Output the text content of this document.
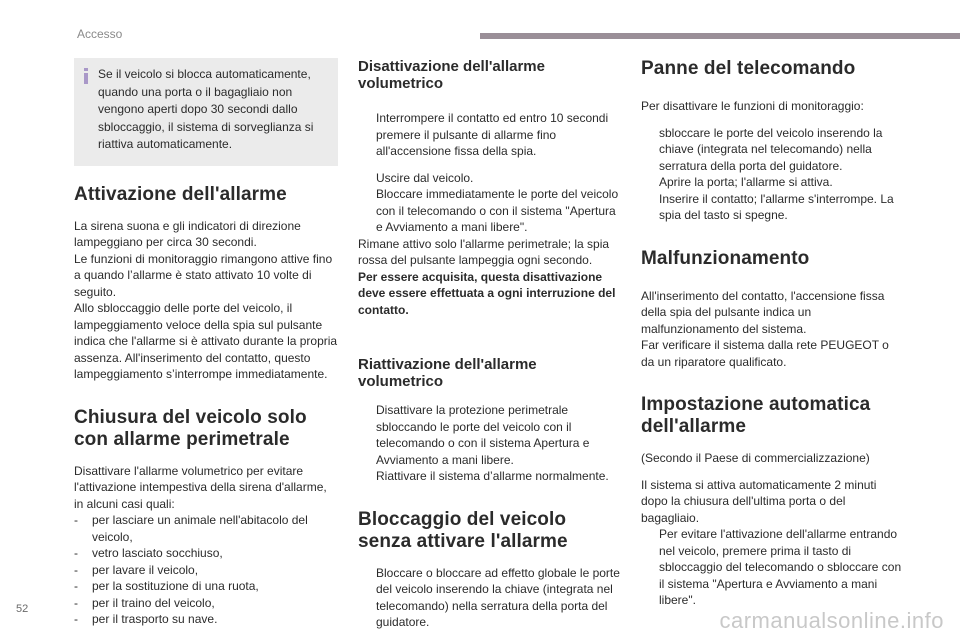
Accesso
Se il veicolo si blocca automaticamente, quando una porta o il bagagliaio non vengono aperti dopo 30 secondi dallo sbloccaggio, il sistema di sorveglianza si riattiva automaticamente.
Attivazione dell'allarme

La sirena suona e gli indicatori di direzione lampeggiano per circa 30 secondi.

Le funzioni di monitoraggio rimangono attive fino a quando l’allarme è stato attivato 10 volte di seguito.

Allo sbloccaggio delle porte del veicolo, il lampeggiamento veloce della spia sul pulsante indica che l'allarme si è attivato durante la propria assenza. All'inserimento del contatto, questo lampeggiamento s’interrompe immediatamente.

Chiusura del veicolo solo con allarme perimetrale

Disattivare l'allarme volumetrico per evitare l'attivazione intempestiva della sirena d'allarme, in alcuni casi quali:

- per lasciare un animale nell'abitacolo del veicolo,
- vetro lasciato socchiuso,
- per lavare il veicolo,
- per la sostituzione di una ruota,
- per il traino del veicolo,
- per il trasporto su nave.
Disattivazione dell'allarme volumetrico
Interrompere il contatto ed entro 10 secondi premere il pulsante di allarme fino all'accensione fissa della spia.
Uscire dal veicolo.
Bloccare immediatamente le porte del veicolo con il telecomando o con il sistema "Apertura e Avviamento a mani libere".

Rimane attivo solo l'allarme perimetrale; la spia rossa del pulsante lampeggia ogni secondo.

Per essere acquisita, questa disattivazione deve essere effettuata a ogni interruzione del contatto.

Riattivazione dell'allarme volumetrico
Disattivare la protezione perimetrale sbloccando le porte del veicolo con il telecomando o con il sistema Apertura e Avviamento a mani libere.
Riattivare il sistema d’allarme normalmente.
Bloccaggio del veicolo senza attivare l'allarme
Bloccare o bloccare ad effetto globale le porte del veicolo inserendo la chiave (integrata nel telecomando) nella serratura della porta del guidatore.
Panne del telecomando

Per disattivare le funzioni di monitoraggio:

sbloccare le porte del veicolo inserendo la chiave (integrata nel telecomando) nella serratura della porta del guidatore.
Aprire la porta; l'allarme si attiva.
Inserire il contatto; l'allarme s'interrompe. La spia del tasto si spegne.
Malfunzionamento

All'inserimento del contatto, l'accensione fissa della spia del pulsante indica un malfunzionamento del sistema.

Far verificare il sistema dalla rete PEUGEOT o da un riparatore qualificato.

Impostazione automatica dell'allarme

(Secondo il Paese di commercializzazione)

Il sistema si attiva automaticamente 2 minuti dopo la chiusura dell'ultima porta o del bagagliaio.

Per evitare l'attivazione dell'allarme entrando nel veicolo, premere prima il tasto di sbloccaggio del telecomando o sbloccare con il sistema "Apertura e Avviamento a mani libere".
52	carmanualsonline.info
